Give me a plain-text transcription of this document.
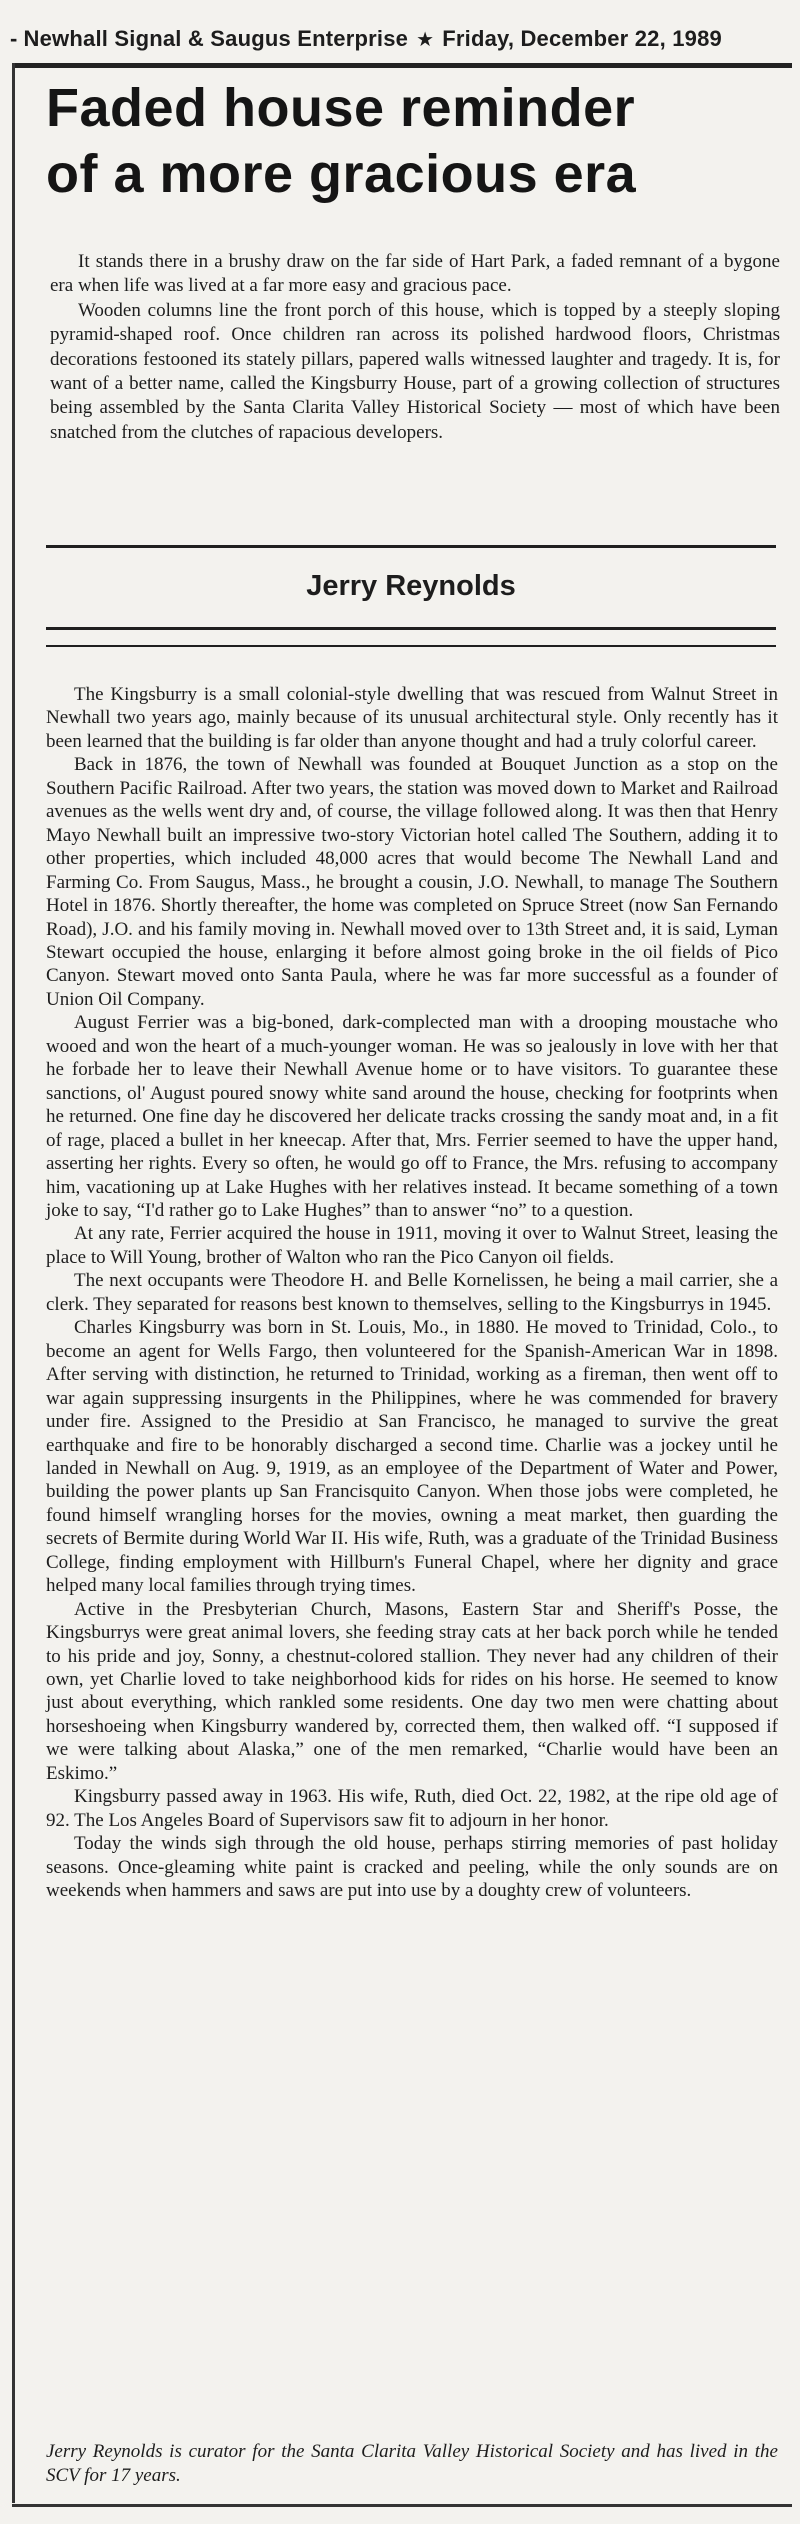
- Newhall Signal & Saugus Enterprise ★ Friday, December 22, 1989
Faded house reminder
of a more gracious era

It stands there in a brushy draw on the far side of Hart Park, a faded remnant of a bygone era when life was lived at a far more easy and gracious pace.

Wooden columns line the front porch of this house, which is topped by a steeply sloping pyramid-shaped roof. Once children ran across its polished hardwood floors, Christmas decorations festooned its stately pillars, papered walls witnessed laughter and tragedy. It is, for want of a better name, called the Kingsburry House, part of a growing collection of structures being assembled by the Santa Clarita Valley Historical Society — most of which have been snatched from the clutches of rapacious developers.

Jerry Reynolds

The Kingsburry is a small colonial-style dwelling that was rescued from Walnut Street in Newhall two years ago, mainly because of its unusual architectural style. Only recently has it been learned that the building is far older than anyone thought and had a truly colorful career.

Back in 1876, the town of Newhall was founded at Bouquet Junction as a stop on the Southern Pacific Railroad. After two years, the station was moved down to Market and Railroad avenues as the wells went dry and, of course, the village followed along. It was then that Henry Mayo Newhall built an impressive two-story Victorian hotel called The Southern, adding it to other properties, which included 48,000 acres that would become The Newhall Land and Farming Co. From Saugus, Mass., he brought a cousin, J.O. Newhall, to manage The Southern Hotel in 1876. Shortly thereafter, the home was completed on Spruce Street (now San Fernando Road), J.O. and his family moving in. Newhall moved over to 13th Street and, it is said, Lyman Stewart occupied the house, enlarging it before almost going broke in the oil fields of Pico Canyon. Stewart moved onto Santa Paula, where he was far more successful as a founder of Union Oil Company.

August Ferrier was a big-boned, dark-complected man with a drooping moustache who wooed and won the heart of a much-younger woman. He was so jealously in love with her that he forbade her to leave their Newhall Avenue home or to have visitors. To guarantee these sanctions, ol' August poured snowy white sand around the house, checking for footprints when he returned. One fine day he discovered her delicate tracks crossing the sandy moat and, in a fit of rage, placed a bullet in her kneecap. After that, Mrs. Ferrier seemed to have the upper hand, asserting her rights. Every so often, he would go off to France, the Mrs. refusing to accompany him, vacationing up at Lake Hughes with her relatives instead. It became something of a town joke to say, “I'd rather go to Lake Hughes” than to answer “no” to a question.

At any rate, Ferrier acquired the house in 1911, moving it over to Walnut Street, leasing the place to Will Young, brother of Walton who ran the Pico Canyon oil fields.

The next occupants were Theodore H. and Belle Kornelissen, he being a mail carrier, she a clerk. They separated for reasons best known to themselves, selling to the Kingsburrys in 1945.

Charles Kingsburry was born in St. Louis, Mo., in 1880. He moved to Trinidad, Colo., to become an agent for Wells Fargo, then volunteered for the Spanish-American War in 1898. After serving with distinction, he returned to Trinidad, working as a fireman, then went off to war again suppressing insurgents in the Philippines, where he was commended for bravery under fire. Assigned to the Presidio at San Francisco, he managed to survive the great earthquake and fire to be honorably discharged a second time. Charlie was a jockey until he landed in Newhall on Aug. 9, 1919, as an employee of the Department of Water and Power, building the power plants up San Francisquito Canyon. When those jobs were completed, he found himself wrangling horses for the movies, owning a meat market, then guarding the secrets of Bermite during World War II. His wife, Ruth, was a graduate of the Trinidad Business College, finding employment with Hillburn's Funeral Chapel, where her dignity and grace helped many local families through trying times.

Active in the Presbyterian Church, Masons, Eastern Star and Sheriff's Posse, the Kingsburrys were great animal lovers, she feeding stray cats at her back porch while he tended to his pride and joy, Sonny, a chestnut-colored stallion. They never had any children of their own, yet Charlie loved to take neighborhood kids for rides on his horse. He seemed to know just about everything, which rankled some residents. One day two men were chatting about horseshoeing when Kingsburry wandered by, corrected them, then walked off. “I supposed if we were talking about Alaska,” one of the men remarked, “Charlie would have been an Eskimo.”

Kingsburry passed away in 1963. His wife, Ruth, died Oct. 22, 1982, at the ripe old age of 92. The Los Angeles Board of Supervisors saw fit to adjourn in her honor.

Today the winds sigh through the old house, perhaps stirring memories of past holiday seasons. Once-gleaming white paint is cracked and peeling, while the only sounds are on weekends when hammers and saws are put into use by a doughty crew of volunteers.

Jerry Reynolds is curator for the Santa Clarita Valley Historical Society and has lived in the SCV for 17 years.
